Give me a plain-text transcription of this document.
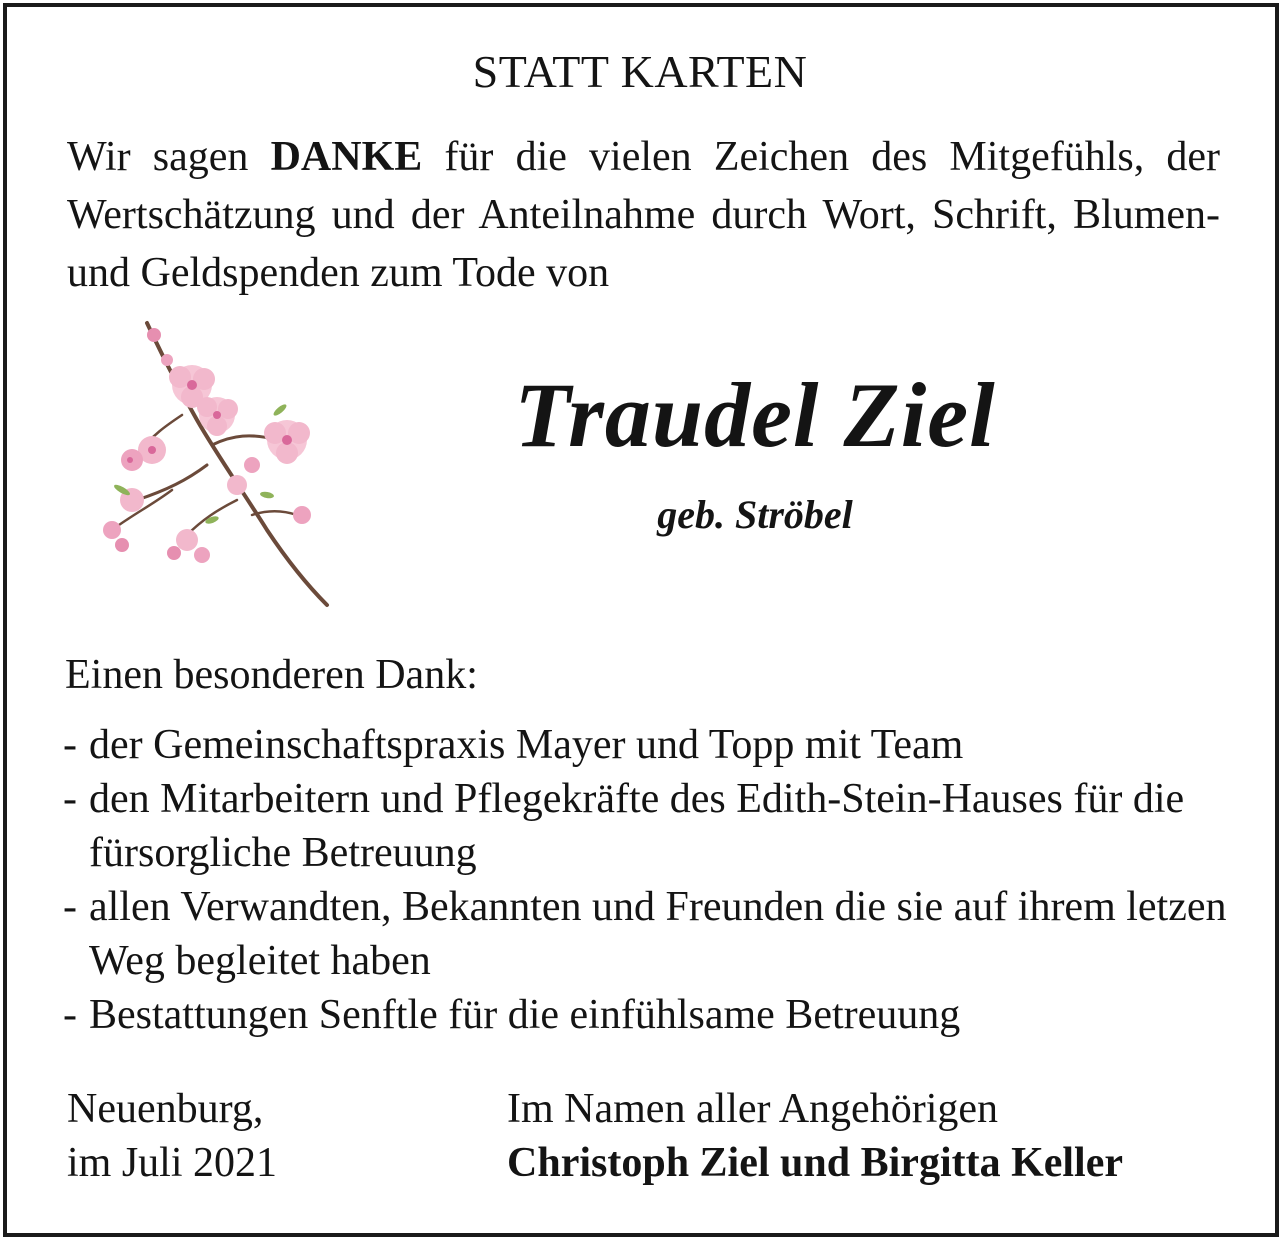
STATT KARTEN
Wir sagen DANKE für die vielen Zeichen des Mitgefühls, der Wertschätzung und der Anteilnahme durch Wort, Schrift, Blumen- und Geldspenden zum Tode von
Traudel Ziel
geb. Ströbel
Einen besonderen Dank:
- der Gemeinschaftspraxis Mayer und Topp mit Team
- den Mitarbeitern und Pflegekräfte des Edith-Stein-Hauses für die fürsorgliche Betreuung
- allen Verwandten, Bekannten und Freunden die sie auf ihrem letzen Weg begleitet haben
- Bestattungen Senftle für die einfühlsame Betreuung
Neuenburg,
im Juli 2021
Im Namen aller Angehörigen
Christoph Ziel und Birgitta Keller
